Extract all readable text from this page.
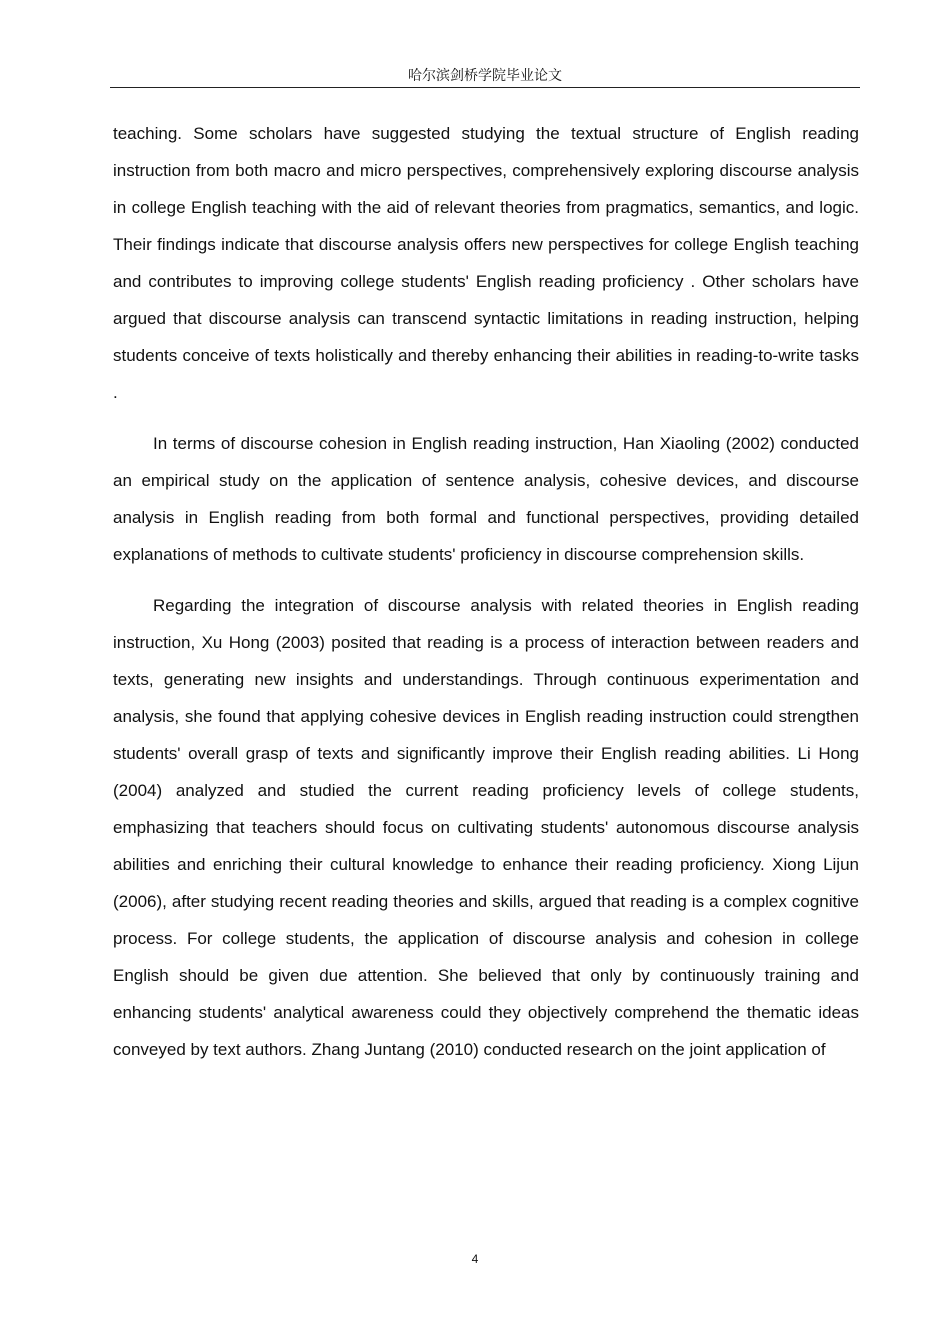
哈尔滨剑桥学院毕业论文

teaching. Some scholars have suggested studying the textual structure of English reading instruction from both macro and micro perspectives, comprehensively exploring discourse analysis in college English teaching with the aid of relevant theories from pragmatics, semantics, and logic. Their findings indicate that discourse analysis offers new perspectives for college English teaching and contributes to improving college students' English reading proficiency . Other scholars have argued that discourse analysis can transcend syntactic limitations in reading instruction, helping students conceive of texts holistically and thereby enhancing their abilities in reading-to-write tasks .

In terms of discourse cohesion in English reading instruction, Han Xiaoling (2002) conducted an empirical study on the application of sentence analysis, cohesive devices, and discourse analysis in English reading from both formal and functional perspectives, providing detailed explanations of methods to cultivate students' proficiency in discourse comprehension skills.

Regarding the integration of discourse analysis with related theories in English reading instruction, Xu Hong (2003) posited that reading is a process of interaction between readers and texts, generating new insights and understandings. Through continuous experimentation and analysis, she found that applying cohesive devices in English reading instruction could strengthen students' overall grasp of texts and significantly improve their English reading abilities. Li Hong (2004) analyzed and studied the current reading proficiency levels of college students, emphasizing that teachers should focus on cultivating students' autonomous discourse analysis abilities and enriching their cultural knowledge to enhance their reading proficiency. Xiong Lijun (2006), after studying recent reading theories and skills, argued that reading is a complex cognitive process. For college students, the application of discourse analysis and cohesion in college English should be given due attention. She believed that only by continuously training and enhancing students' analytical awareness could they objectively comprehend the thematic ideas conveyed by text authors. Zhang Juntang (2010) conducted research on the joint application of

4
